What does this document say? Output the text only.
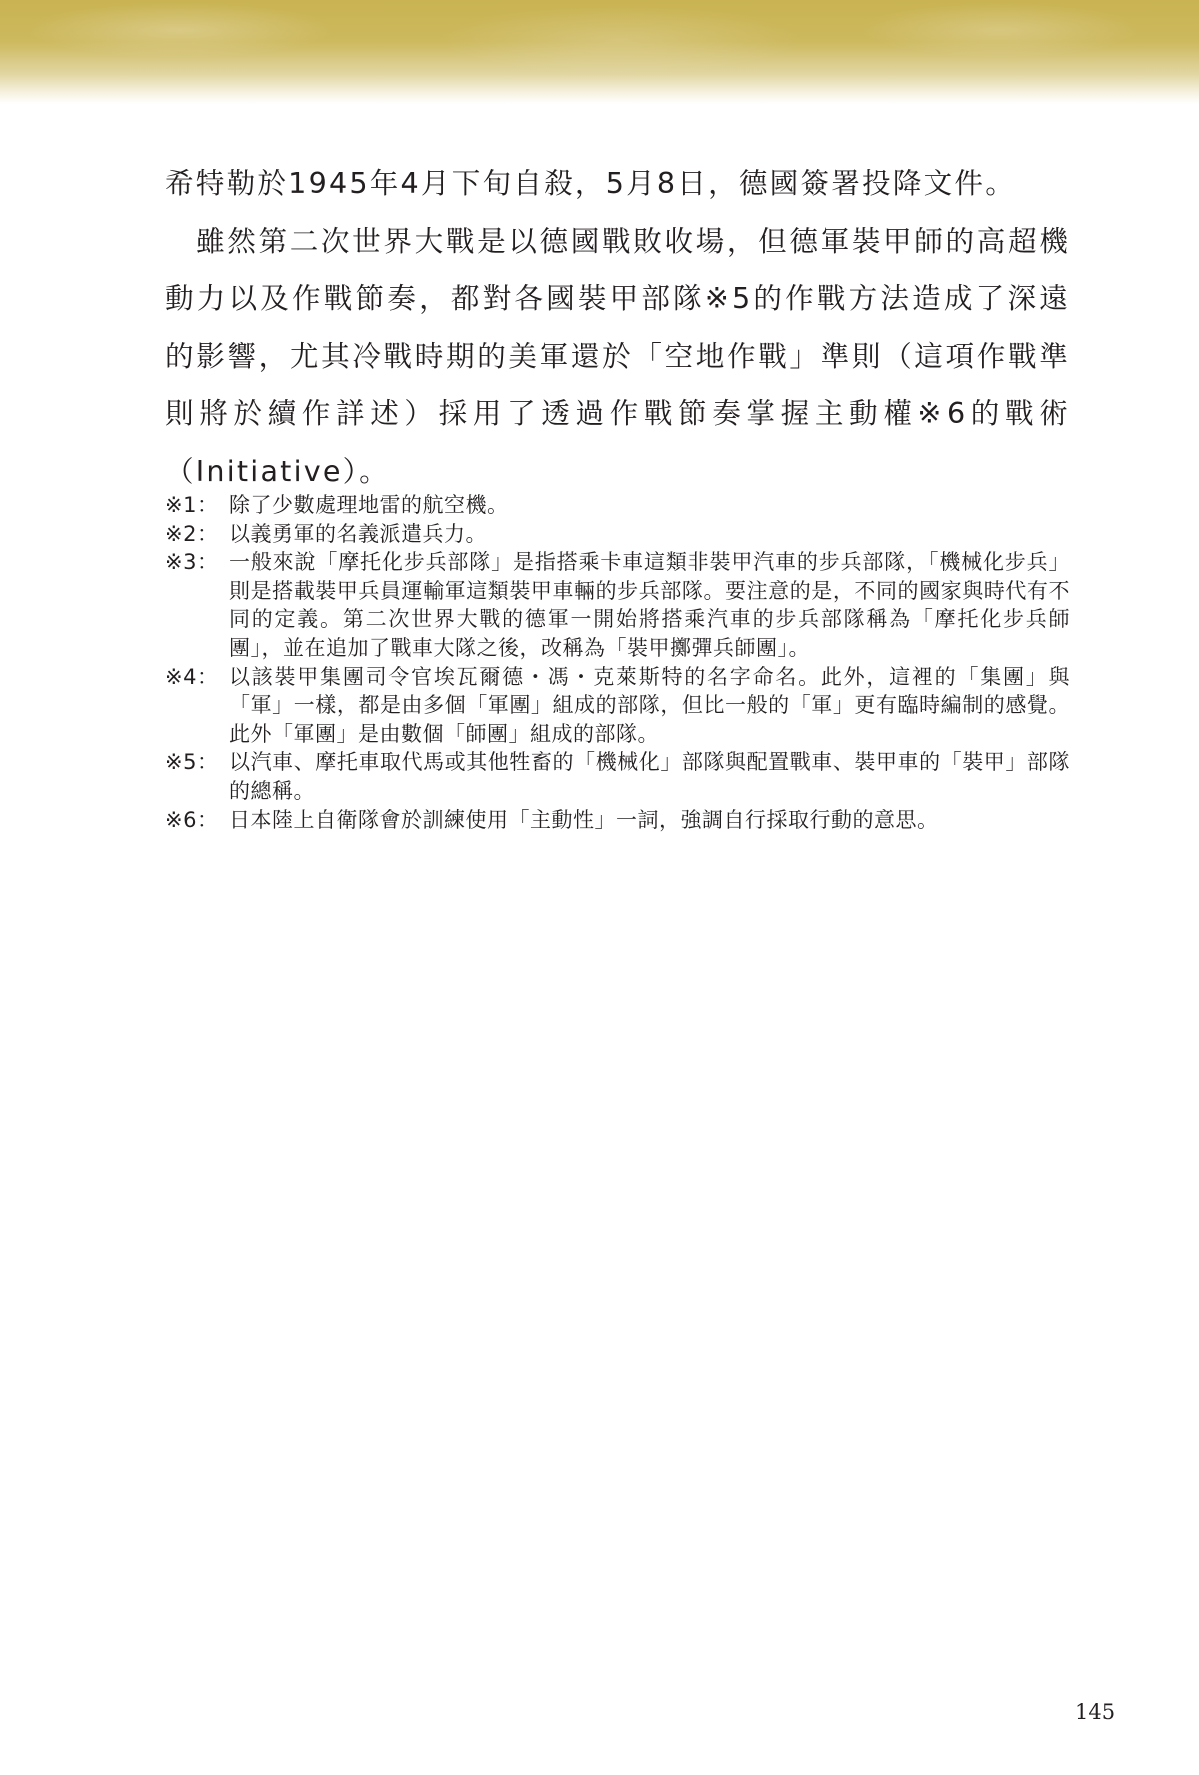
希特勒於1945年4月下旬自殺，5月8日，德國簽署投降文件。

雖然第二次世界大戰是以德國戰敗收場，但德軍裝甲師的高超機動力以及作戰節奏，都對各國裝甲部隊※5的作戰方法造成了深遠的影響，尤其冷戰時期的美軍還於「空地作戰」準則（這項作戰準則將於續作詳述）採用了透過作戰節奏掌握主動權※6的戰術（Initiative）。

※1： 除了少數處理地雷的航空機。
※2： 以義勇軍的名義派遣兵力。
※3： 一般來說「摩托化步兵部隊」是指搭乘卡車這類非裝甲汽車的步兵部隊，「機械化步兵」則是搭載裝甲兵員運輸軍這類裝甲車輛的步兵部隊。要注意的是，不同的國家與時代有不同的定義。第二次世界大戰的德軍一開始將搭乘汽車的步兵部隊稱為「摩托化步兵師團」，並在追加了戰車大隊之後，改稱為「裝甲擲彈兵師團」。
※4： 以該裝甲集團司令官埃瓦爾德・馮・克萊斯特的名字命名。此外，這裡的「集團」與「軍」一樣，都是由多個「軍團」組成的部隊，但比一般的「軍」更有臨時編制的感覺。此外「軍團」是由數個「師團」組成的部隊。
※5： 以汽車、摩托車取代馬或其他牲畜的「機械化」部隊與配置戰車、裝甲車的「裝甲」部隊的總稱。
※6： 日本陸上自衛隊會於訓練使用「主動性」一詞，強調自行採取行動的意思。
145
